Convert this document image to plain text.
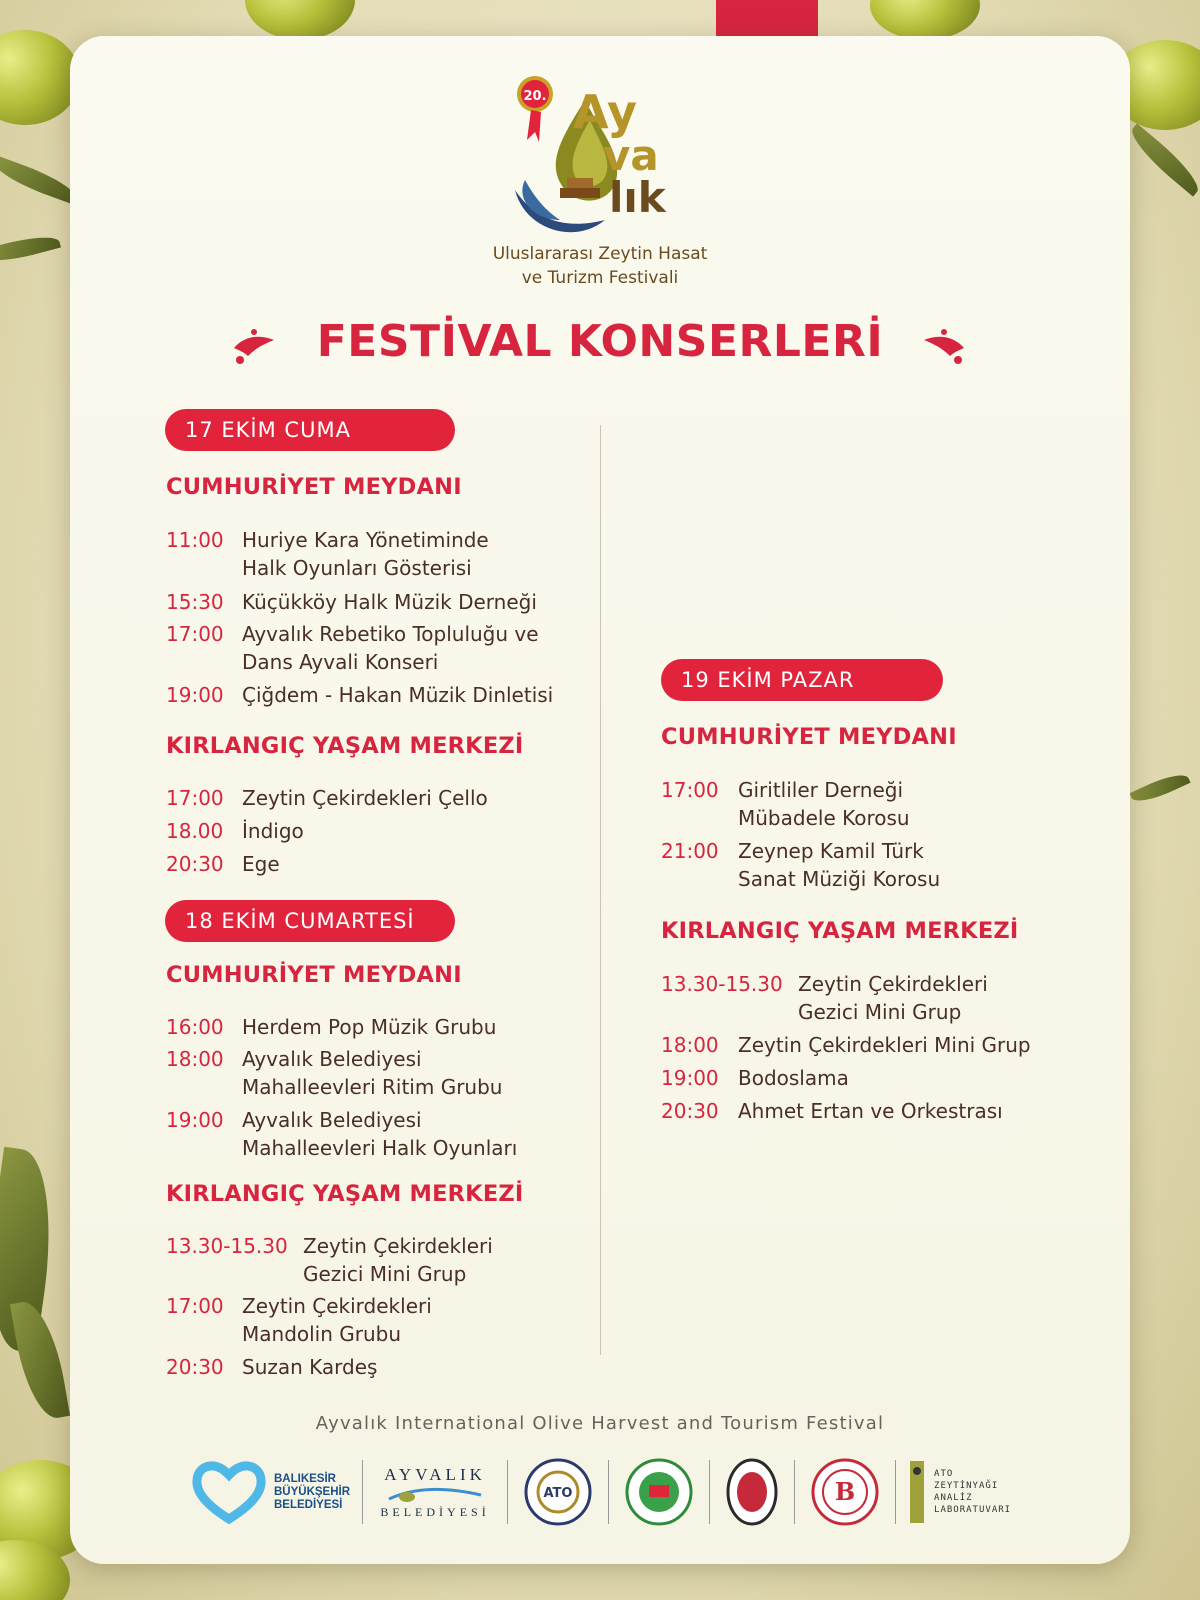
20. Ay
va
lık
Uluslararası Zeytin Hasat
ve Turizm Festivali
FESTİVAL KONSERLERİ
17 EKİM CUMA
CUMHURİYET MEYDANI
11:00 Huriye Kara Yönetiminde
Halk Oyunları Gösterisi
15:30 Küçükköy Halk Müzik Derneği
17:00 Ayvalık Rebetiko Topluluğu ve
Dans Ayvali Konseri
19:00 Çiğdem - Hakan Müzik Dinletisi
KIRLANGIÇ YAŞAM MERKEZİ
17:00 Zeytin Çekirdekleri Çello
18.00 İndigo
20:30 Ege
18 EKİM CUMARTESİ
CUMHURİYET MEYDANI
16:00 Herdem Pop Müzik Grubu
18:00 Ayvalık Belediyesi
Mahalleevleri Ritim Grubu
19:00 Ayvalık Belediyesi
Mahalleevleri Halk Oyunları
KIRLANGIÇ YAŞAM MERKEZİ
13.30-15.30 Zeytin Çekirdekleri
Gezici Mini Grup
17:00 Zeytin Çekirdekleri
Mandolin Grubu
20:30 Suzan Kardeş
19 EKİM PAZAR
CUMHURİYET MEYDANI
17:00 Giritliler Derneği
Mübadele Korosu
21:00 Zeynep Kamil Türk
Sanat Müziği Korosu
KIRLANGIÇ YAŞAM MERKEZİ
13.30-15.30 Zeytin Çekirdekleri
Gezici Mini Grup
18:00 Zeytin Çekirdekleri Mini Grup
19:00 Bodoslama
20:30 Ahmet Ertan ve Orkestrası
Ayvalık International Olive Harvest and Tourism Festival
BALIKESİR
BÜYÜKŞEHİR
BELEDİYESİ
AYVALIK
BELEDİYESİ
ATO	B
ATO
ZEYTİNYAĞI
ANALİZ
LABORATUVARI
